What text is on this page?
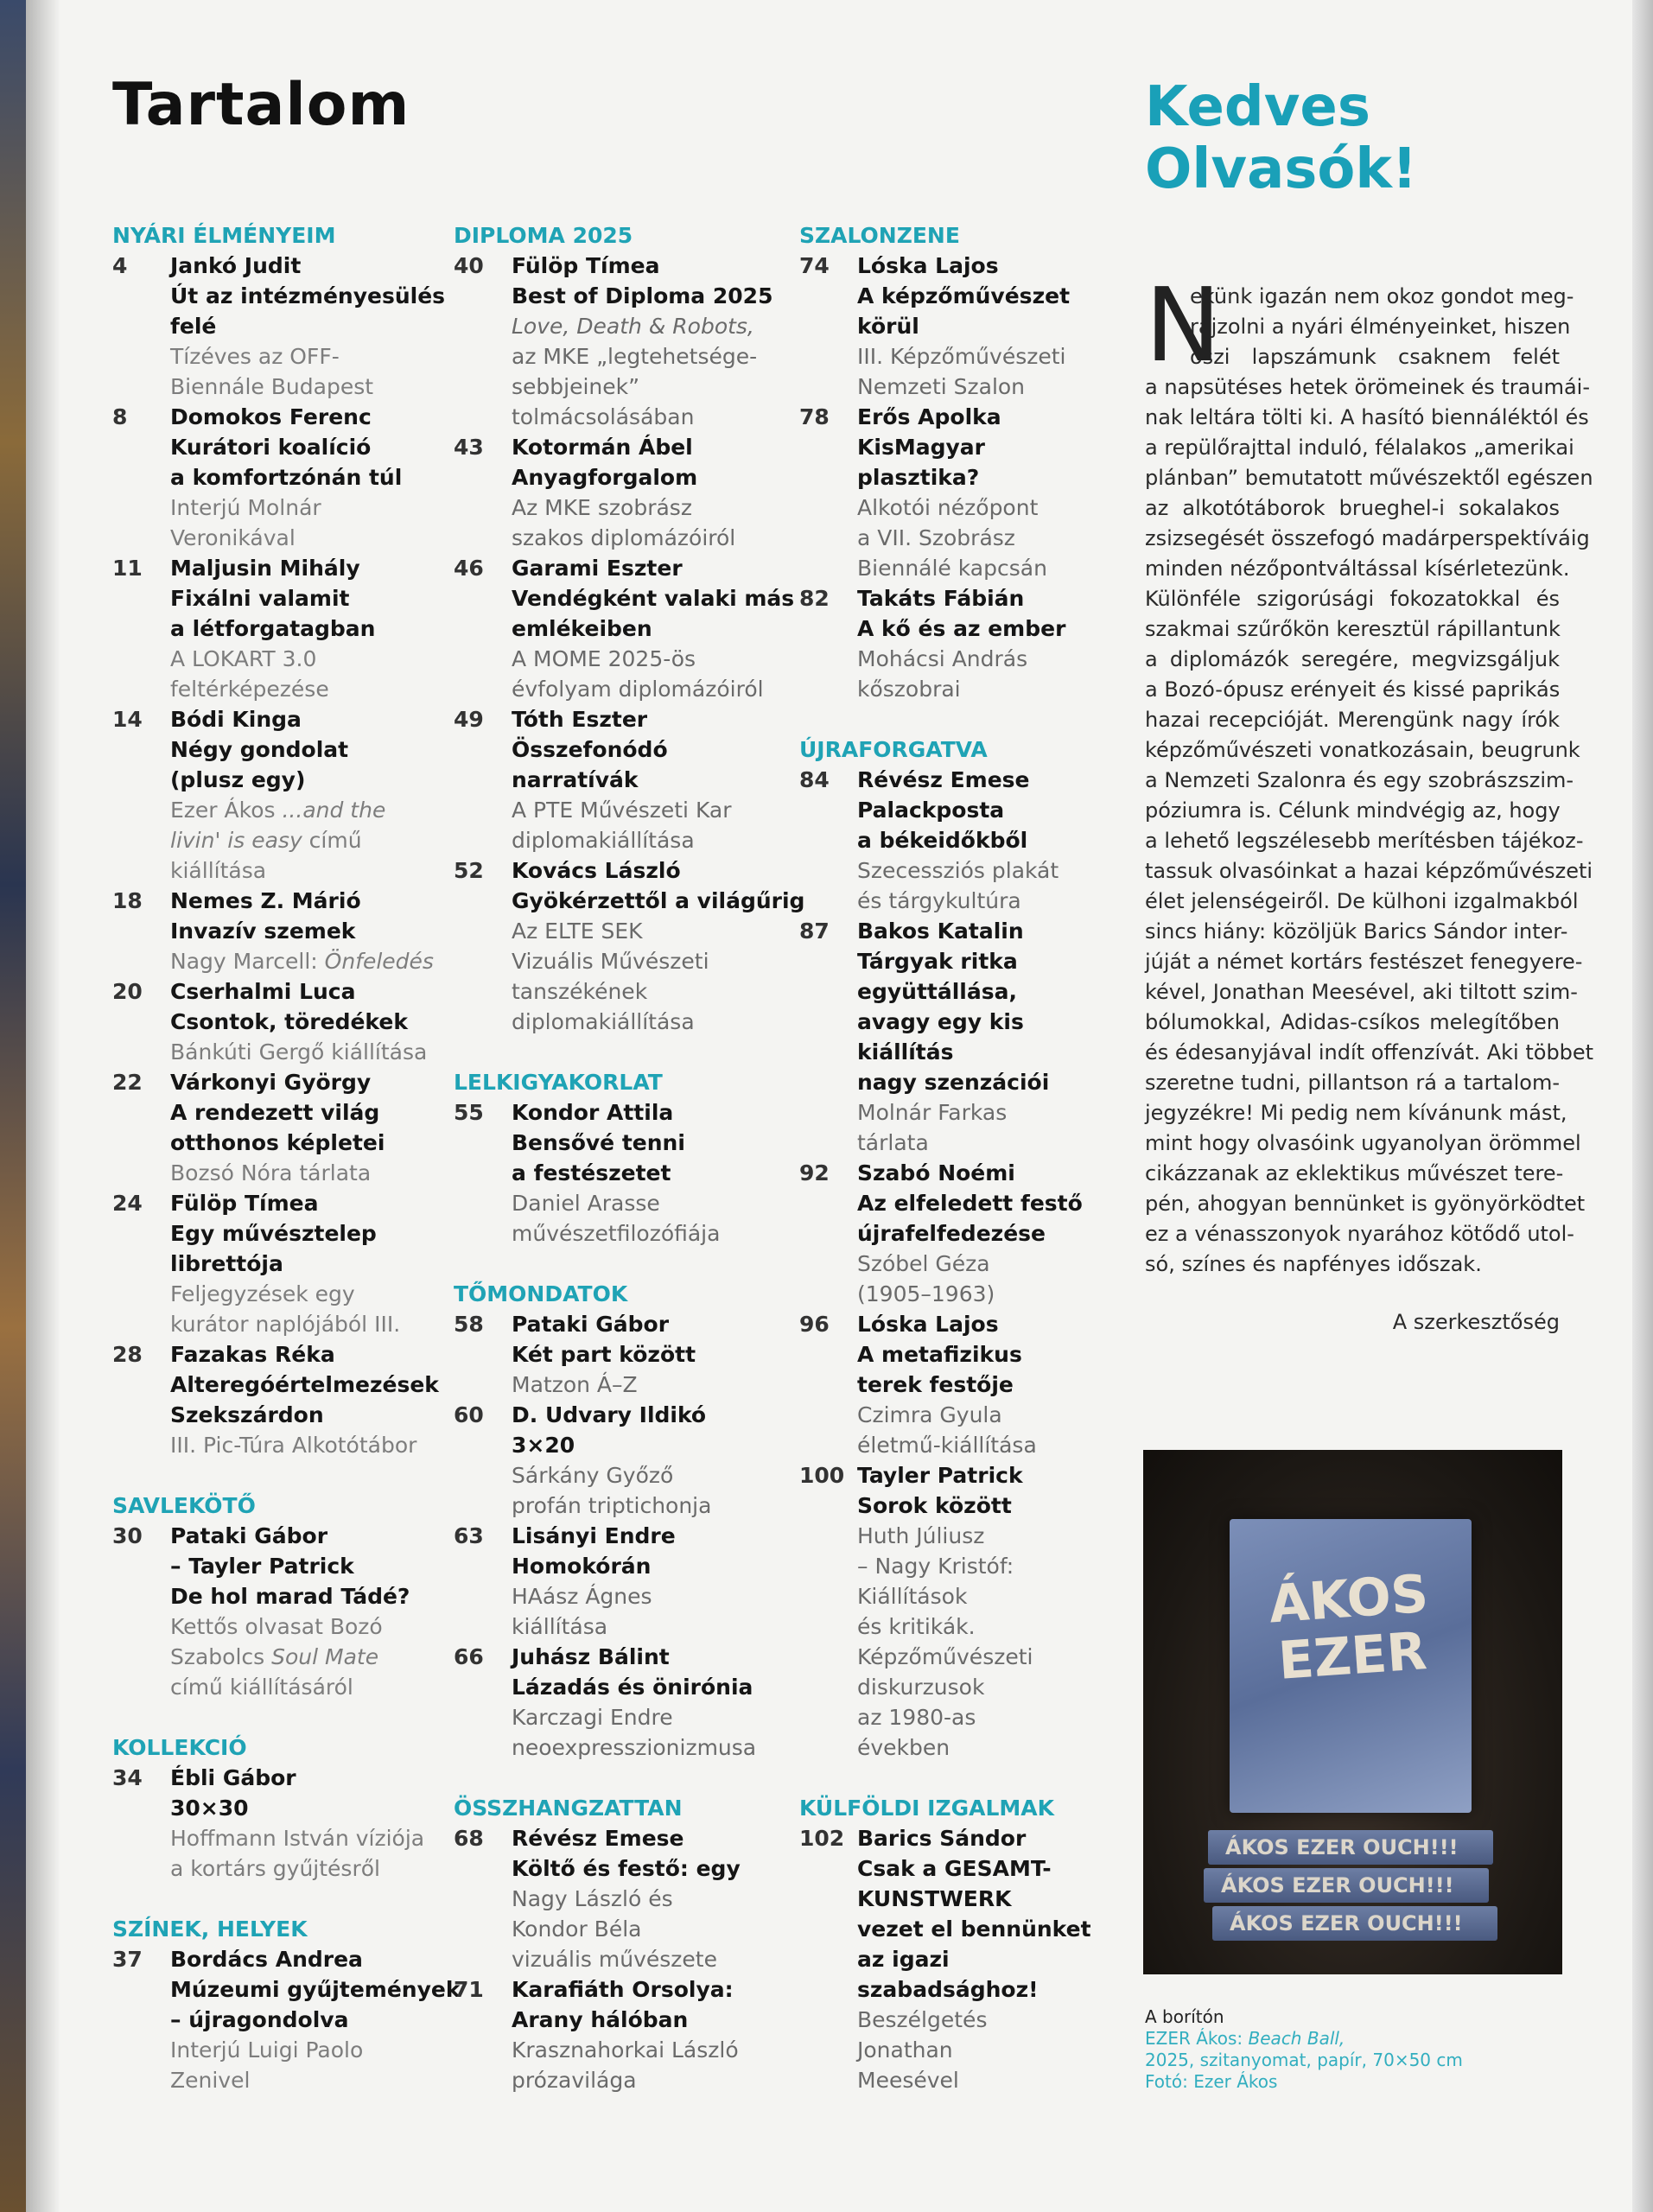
Tartalom
NYÁRI ÉLMÉNYEIM
4 Jankó Judit
Út az intézményesülés
felé
Tízéves az OFF-
Biennále Budapest
8 Domokos Ferenc
Kurátori koalíció
a komfortzónán túl
Interjú Molnár
Veronikával
11 Maljusin Mihály
Fixálni valamit
a létforgatagban
A LOKART 3.0
feltérképezése
14 Bódi Kinga
Négy gondolat
(plusz egy)
Ezer Ákos ...and the
livin' is easy című
kiállítása
18 Nemes Z. Márió
Invazív szemek
Nagy Marcell: Önfeledés
20 Cserhalmi Luca
Csontok, töredékek
Bánkúti Gergő kiállítása
22 Várkonyi György
A rendezett világ
otthonos képletei
Bozsó Nóra tárlata
24 Fülöp Tímea
Egy művésztelep
librettója
Feljegyzések egy
kurátor naplójából III.
28 Fazakas Réka
Alteregóértelmezések
Szekszárdon
III. Pic-Túra Alkotótábor
SAVLEKÖTŐ
30 Pataki Gábor
– Tayler Patrick
De hol marad Tádé?
Kettős olvasat Bozó
Szabolcs Soul Mate
című kiállításáról
KOLLEKCIÓ
34 Ébli Gábor
30×30
Hoffmann István víziója
a kortárs gyűjtésről
SZÍNEK, HELYEK
37 Bordács Andrea
Múzeumi gyűjtemények
– újragondolva
Interjú Luigi Paolo
Zenivel
DIPLOMA 2025
40 Fülöp Tímea
Best of Diploma 2025
Love, Death & Robots,
az MKE „legtehetsége-
sebbjeinek”
tolmácsolásában
43 Kotormán Ábel
Anyagforgalom
Az MKE szobrász
szakos diplomázóiról
46 Garami Eszter
Vendégként valaki más
emlékeiben
A MOME 2025-ös
évfolyam diplomázóiról
49 Tóth Eszter
Összefonódó
narratívák
A PTE Művészeti Kar
diplomakiállítása
52 Kovács László
Gyökérzettől a világűrig
Az ELTE SEK
Vizuális Művészeti
tanszékének
diplomakiállítása
LELKIGYAKORLAT
55 Kondor Attila
Bensővé tenni
a festészetet
Daniel Arasse
művészetfilozófiája
TŐMONDATOK
58 Pataki Gábor
Két part között
Matzon Á–Z
60 D. Udvary Ildikó
3×20
Sárkány Győző
profán triptichonja
63 Lisányi Endre
Homokórán
HAász Ágnes
kiállítása
66 Juhász Bálint
Lázadás és önirónia
Karczagi Endre
neoexpresszionizmusa
ÖSSZHANGZATTAN
68 Révész Emese
Költő és festő: egy
Nagy László és
Kondor Béla
vizuális művészete
71 Karafiáth Orsolya:
Arany hálóban
Krasznahorkai László
prózavilága
SZALONZENE
74 Lóska Lajos
A képzőművészet
körül
III. Képzőművészeti
Nemzeti Szalon
78 Erős Apolka
KisMagyar
plasztika?
Alkotói nézőpont
a VII. Szobrász
Biennálé kapcsán
82 Takáts Fábián
A kő és az ember
Mohácsi András
kőszobrai
ÚJRAFORGATVA
84 Révész Emese
Palackposta
a békeidőkből
Szecessziós plakát
és tárgykultúra
87 Bakos Katalin
Tárgyak ritka
együttállása,
avagy egy kis
kiállítás
nagy szenzációi
Molnár Farkas
tárlata
92 Szabó Noémi
Az elfeledett festő
újrafelfedezése
Szóbel Géza
(1905–1963)
96 Lóska Lajos
A metafizikus
terek festője
Czimra Gyula
életmű-kiállítása
100 Tayler Patrick
Sorok között
Huth Júliusz
– Nagy Kristóf:
Kiállítások
és kritikák.
Képzőművészeti
diskurzusok
az 1980-as
években
KÜLFÖLDI IZGALMAK
102 Barics Sándor
Csak a GESAMT-
KUNSTWERK
vezet el bennünket
az igazi
szabadsághoz!
Beszélgetés
Jonathan
Meesével
Kedves
Olvasók!
N
ekünk igazán nem okoz gondot meg-
rajzolni a nyári élményeinket, hiszen
őszi lapszámunk csaknem felét
a napsütéses hetek örömeinek és traumái-
nak leltára tölti ki. A hasító biennáléktól és
a repülőrajttal induló, félalakos „amerikai
plánban” bemutatott művészektől egészen
az alkotótáborok brueghel-i sokalakos
zsizsegését összefogó madárperspektíváig
minden nézőpontváltással kísérletezünk.
Különféle szigorúsági fokozatokkal és
szakmai szűrőkön keresztül rápillantunk
a diplomázók seregére, megvizsgáljuk
a Bozó-ópusz erényeit és kissé paprikás
hazai recepcióját. Merengünk nagy írók
képzőművészeti vonatkozásain, beugrunk
a Nemzeti Szalonra és egy szobrászszim-
póziumra is. Célunk mindvégig az, hogy
a lehető legszélesebb merítésben tájékoz-
tassuk olvasóinkat a hazai képzőművészeti
élet jelenségeiről. De külhoni izgalmakból
sincs hiány: közöljük Barics Sándor inter-
júját a német kortárs festészet fenegyere-
kével, Jonathan Meesével, aki tiltott szim-
bólumokkal, Adidas-csíkos melegítőben
és édesanyjával indít offenzívát. Aki többet
szeretne tudni, pillantson rá a tartalom-
jegyzékre! Mi pedig nem kívánunk mást,
mint hogy olvasóink ugyanolyan örömmel
cikázzanak az eklektikus művészet tere-
pén, ahogyan bennünket is gyönyörködtet
ez a vénasszonyok nyarához kötődő utol-
só, színes és napfényes időszak.
A szerkesztőség
ÁKOS EZER
ÁKOS EZER OUCH!!!
ÁKOS EZER OUCH!!!
ÁKOS EZER OUCH!!!
A borítón
EZER Ákos: Beach Ball,
2025, szitanyomat, papír, 70×50 cm
Fotó: Ezer Ákos
